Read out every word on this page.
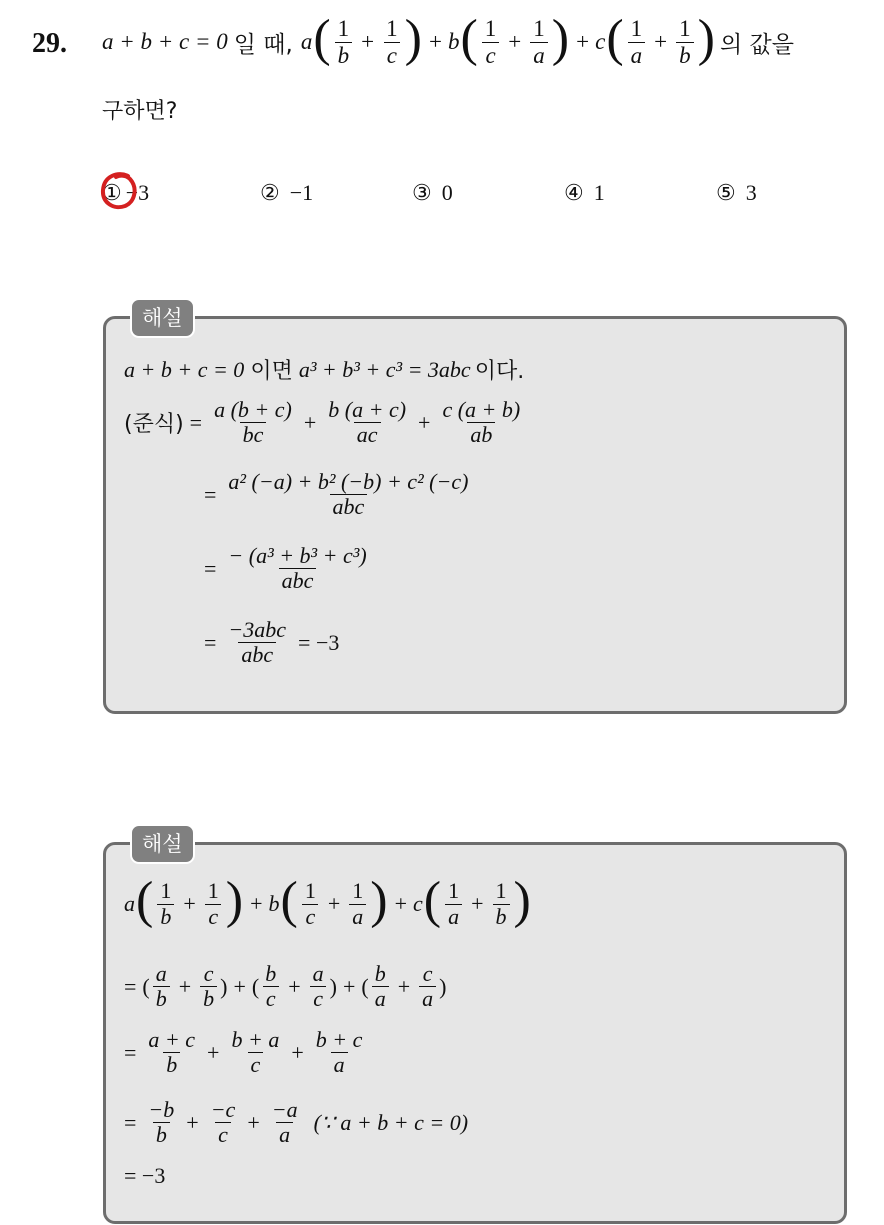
29. a + b + c = 0 일 때, a ( $\frac{1}{b} + \frac{1}{c}$ ) + b ( $\frac{1}{c} + \frac{1}{a}$ ) + c ( $\frac{1}{a} + \frac{1}{b}$ ) 의 값을
구하면?
① −3	② −1	③ 0	④ 1	⑤ 3
해설
a + b + c = 0 이면 a³ + b³ + c³ = 3abc 이다.
(준식) = $\frac{a (b + c)}{bc} + \frac{b (a + c)}{ac} + \frac{c (a + b)}{ab}$
= $\frac{\text{a² (−a) + b² (−b) + c² (−c)}}{\text{abc}}$
= $\frac{\text{− (a³ + b³ + c³)}}{\text{abc}}$
= $\frac{\text{−3abc}}{\text{abc}} = -3$
해설
a ( $\frac{1}{b} + \frac{1}{c}$ ) + b ( $\frac{1}{c} + \frac{1}{a}$ ) + c ( $\frac{1}{a} + \frac{1}{b}$ )
= ( $\frac{a}{b} + \frac{c}{b}$ ) + ( $\frac{b}{c} + \frac{a}{c}$ ) + ( $\frac{b}{a} + \frac{c}{a}$ )
= $\frac{a + c}{b} + \frac{b + a}{c} + \frac{b + c}{a}$
= $\frac{-b}{b} + \frac{-c}{c} + \frac{-a}{a}$ (∵ a + b + c = 0)
= −3
